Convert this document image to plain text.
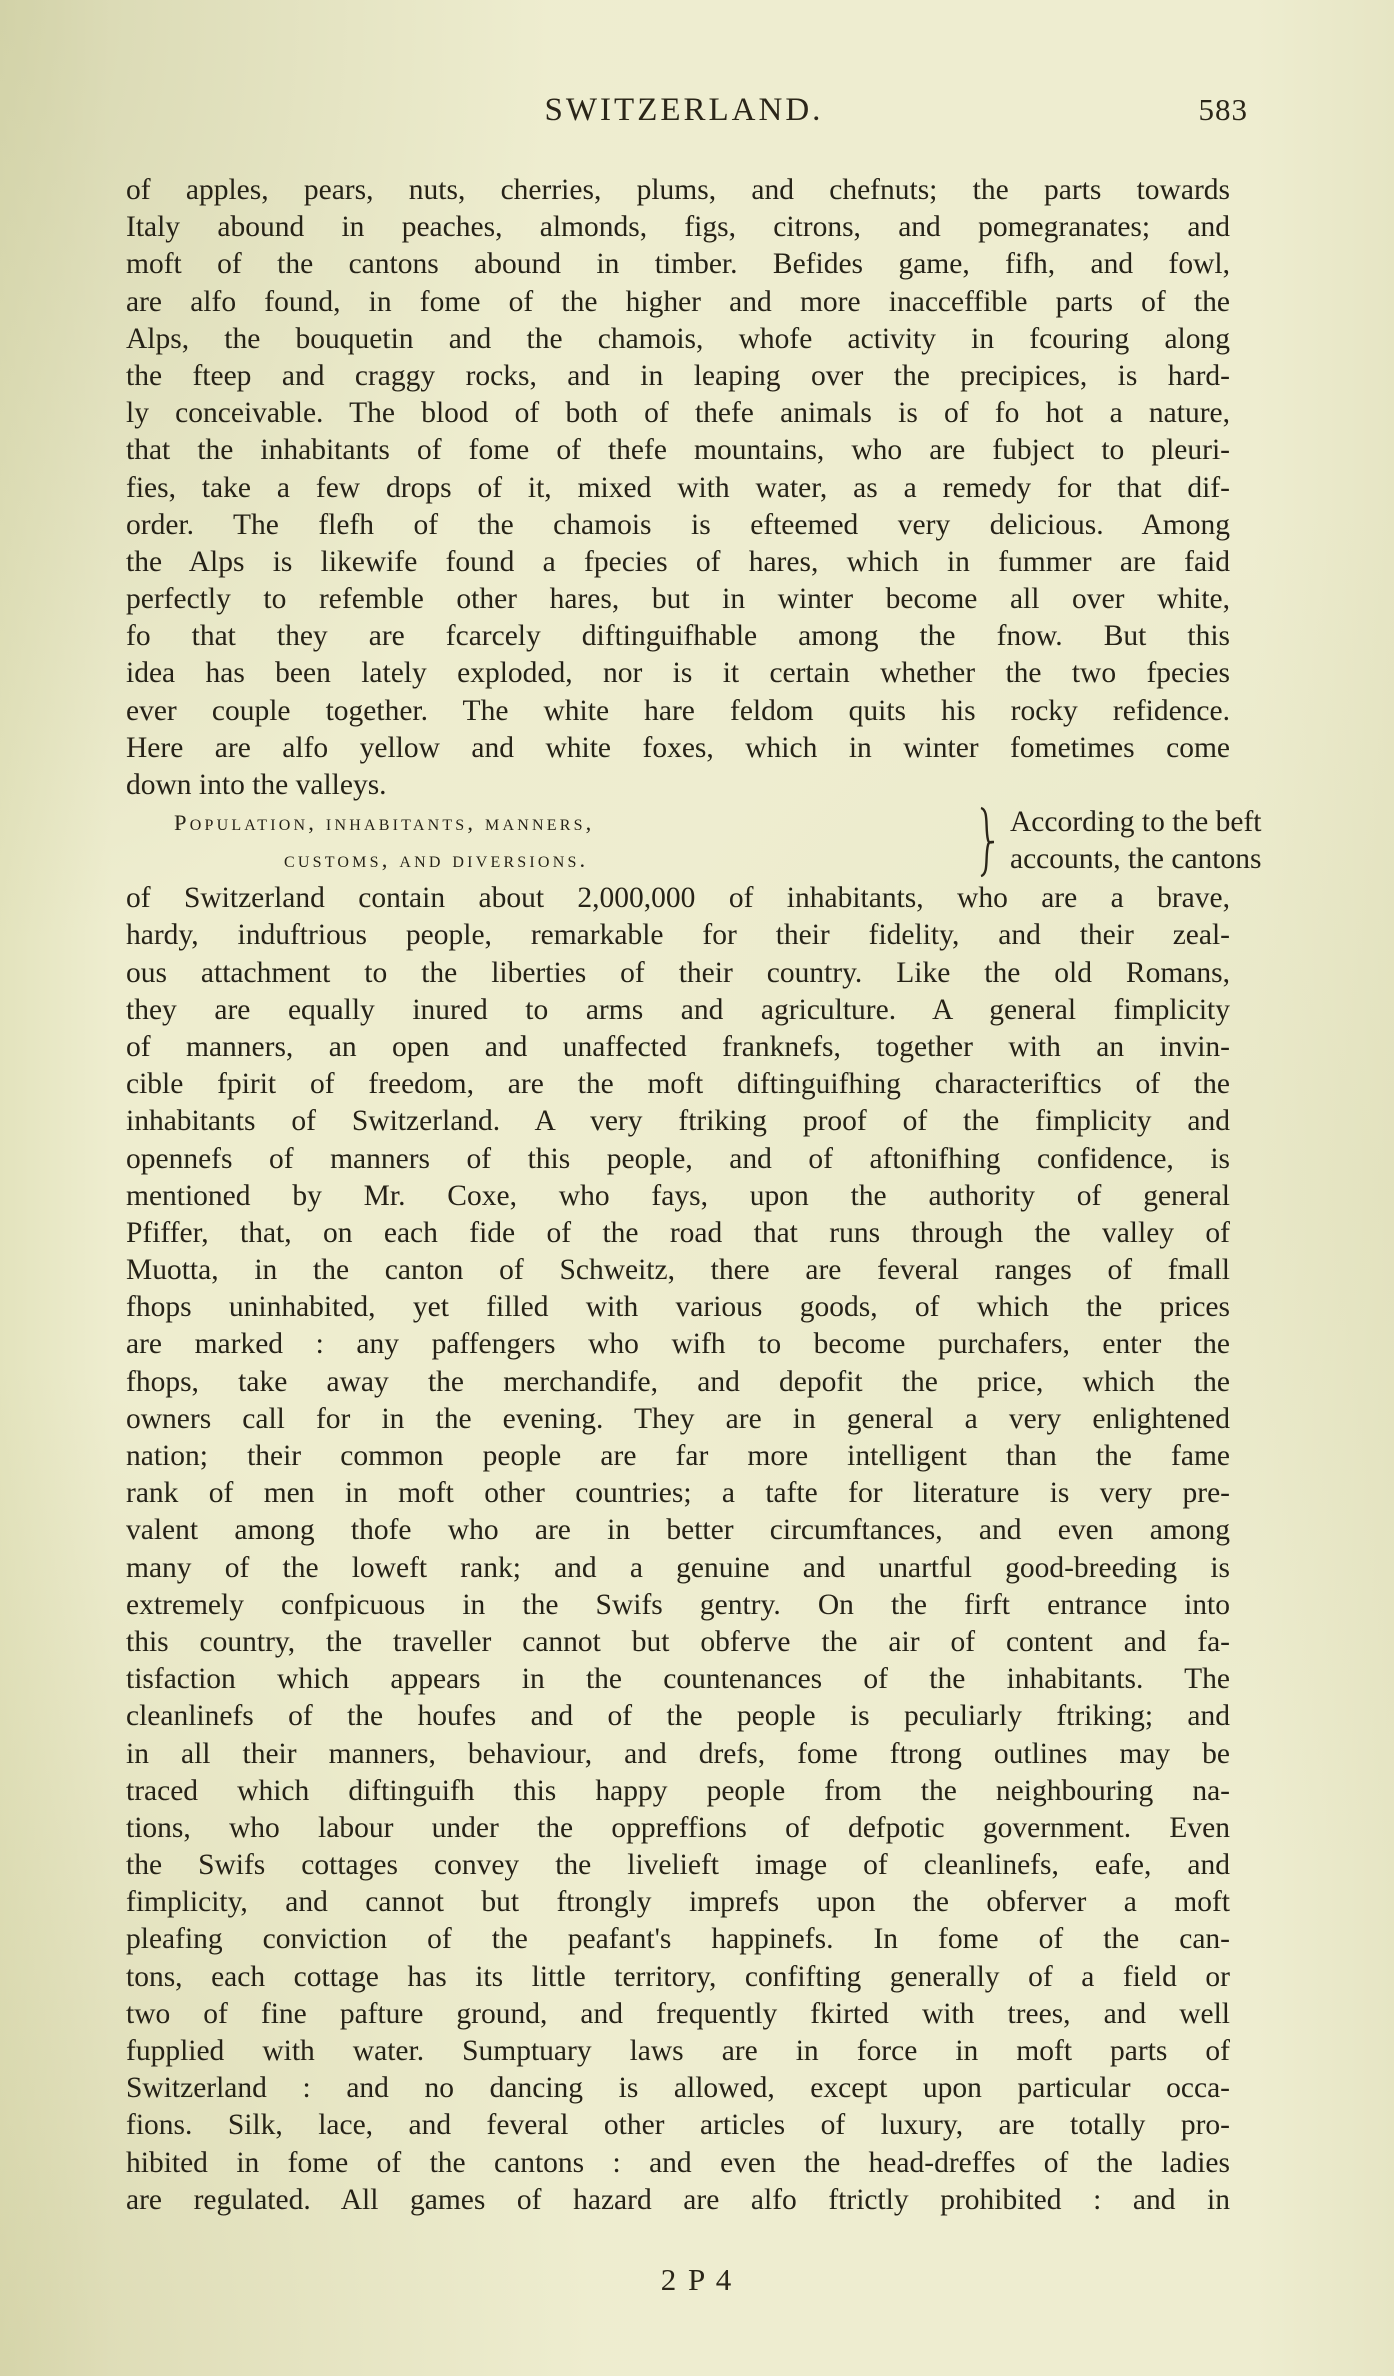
SWITZERLAND.	583
of apples, pears, nuts, cherries, plums, and chefnuts; the parts towards
Italy abound in peaches, almonds, figs, citrons, and pomegranates; and
moft of the cantons abound in timber. Befides game, fifh, and fowl,
are alfo found, in fome of the higher and more inacceffible parts of the
Alps, the bouquetin and the chamois, whofe activity in fcouring along
the fteep and craggy rocks, and in leaping over the precipices, is hard-
ly conceivable. The blood of both of thefe animals is of fo hot a nature,
that the inhabitants of fome of thefe mountains, who are fubject to pleuri-
fies, take a few drops of it, mixed with water, as a remedy for that dif-
order. The flefh of the chamois is efteemed very delicious. Among
the Alps is likewife found a fpecies of hares, which in fummer are faid
perfectly to refemble other hares, but in winter become all over white,
fo that they are fcarcely diftinguifhable among the fnow. But this
idea has been lately exploded, nor is it certain whether the two fpecies
ever couple together. The white hare feldom quits his rocky refidence.
Here are alfo yellow and white foxes, which in winter fometimes come
down into the valleys.
Population, inhabitants, manners,
customs, and diversions.
According to the beft
accounts, the cantons
of Switzerland contain about 2,000,000 of inhabitants, who are a brave,
hardy, induftrious people, remarkable for their fidelity, and their zeal-
ous attachment to the liberties of their country. Like the old Romans,
they are equally inured to arms and agriculture. A general fimplicity
of manners, an open and unaffected franknefs, together with an invin-
cible fpirit of freedom, are the moft diftinguifhing characteriftics of the
inhabitants of Switzerland. A very ftriking proof of the fimplicity and
opennefs of manners of this people, and of aftonifhing confidence, is
mentioned by Mr. Coxe, who fays, upon the authority of general
Pfiffer, that, on each fide of the road that runs through the valley of
Muotta, in the canton of Schweitz, there are feveral ranges of fmall
fhops uninhabited, yet filled with various goods, of which the prices
are marked : any paffengers who wifh to become purchafers, enter the
fhops, take away the merchandife, and depofit the price, which the
owners call for in the evening. They are in general a very enlightened
nation; their common people are far more intelligent than the fame
rank of men in moft other countries; a tafte for literature is very pre-
valent among thofe who are in better circumftances, and even among
many of the loweft rank; and a genuine and unartful good-breeding is
extremely confpicuous in the Swifs gentry. On the firft entrance into
this country, the traveller cannot but obferve the air of content and fa-
tisfaction which appears in the countenances of the inhabitants. The
cleanlinefs of the houfes and of the people is peculiarly ftriking; and
in all their manners, behaviour, and drefs, fome ftrong outlines may be
traced which diftinguifh this happy people from the neighbouring na-
tions, who labour under the oppreffions of defpotic government. Even
the Swifs cottages convey the livelieft image of cleanlinefs, eafe, and
fimplicity, and cannot but ftrongly imprefs upon the obferver a moft
pleafing conviction of the peafant's happinefs. In fome of the can-
tons, each cottage has its little territory, confifting generally of a field or
two of fine pafture ground, and frequently fkirted with trees, and well
fupplied with water. Sumptuary laws are in force in moft parts of
Switzerland : and no dancing is allowed, except upon particular occa-
fions. Silk, lace, and feveral other articles of luxury, are totally pro-
hibited in fome of the cantons : and even the head-dreffes of the ladies
are regulated. All games of hazard are alfo ftrictly prohibited : and in
2 P 4
